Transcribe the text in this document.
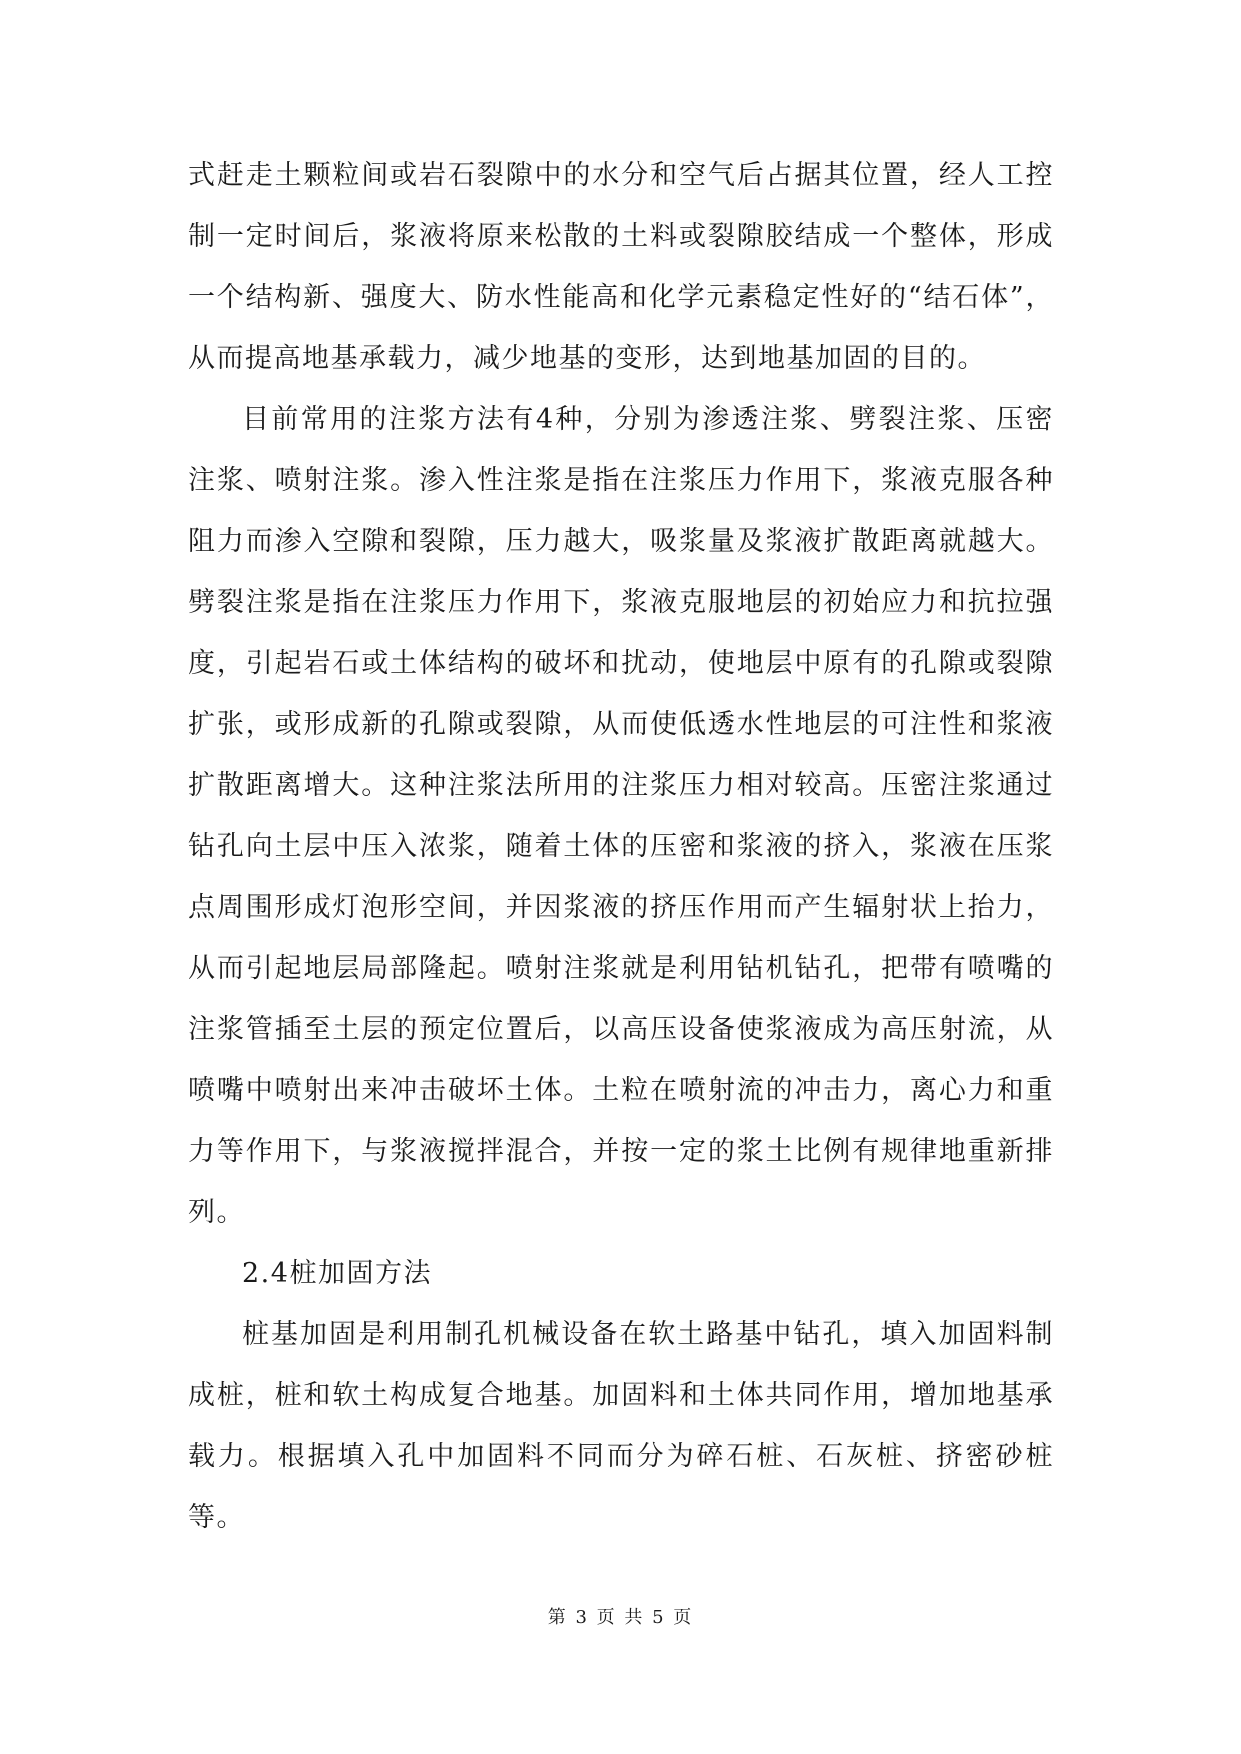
式赶走土颗粒间或岩石裂隙中的水分和空气后占据其位置，经人工控制一定时间后，浆液将原来松散的土料或裂隙胶结成一个整体，形成一个结构新、强度大、防水性能高和化学元素稳定性好的“结石体”，从而提高地基承载力，减少地基的变形，达到地基加固的目的。

目前常用的注浆方法有4种，分别为渗透注浆、劈裂注浆、压密注浆、喷射注浆。渗入性注浆是指在注浆压力作用下，浆液克服各种阻力而渗入空隙和裂隙，压力越大，吸浆量及浆液扩散距离就越大。劈裂注浆是指在注浆压力作用下，浆液克服地层的初始应力和抗拉强度，引起岩石或土体结构的破坏和扰动，使地层中原有的孔隙或裂隙扩张，或形成新的孔隙或裂隙，从而使低透水性地层的可注性和浆液扩散距离增大。这种注浆法所用的注浆压力相对较高。压密注浆通过钻孔向土层中压入浓浆，随着土体的压密和浆液的挤入，浆液在压浆点周围形成灯泡形空间，并因浆液的挤压作用而产生辐射状上抬力，从而引起地层局部隆起。喷射注浆就是利用钻机钻孔，把带有喷嘴的注浆管插至土层的预定位置后，以高压设备使浆液成为高压射流，从喷嘴中喷射出来冲击破坏土体。土粒在喷射流的冲击力，离心力和重力等作用下，与浆液搅拌混合，并按一定的浆土比例有规律地重新排列。

2.4桩加固方法

桩基加固是利用制孔机械设备在软土路基中钻孔，填入加固料制成桩，桩和软土构成复合地基。加固料和土体共同作用，增加地基承载力。根据填入孔中加固料不同而分为碎石桩、石灰桩、挤密砂桩等。

第 3 页 共 5 页
